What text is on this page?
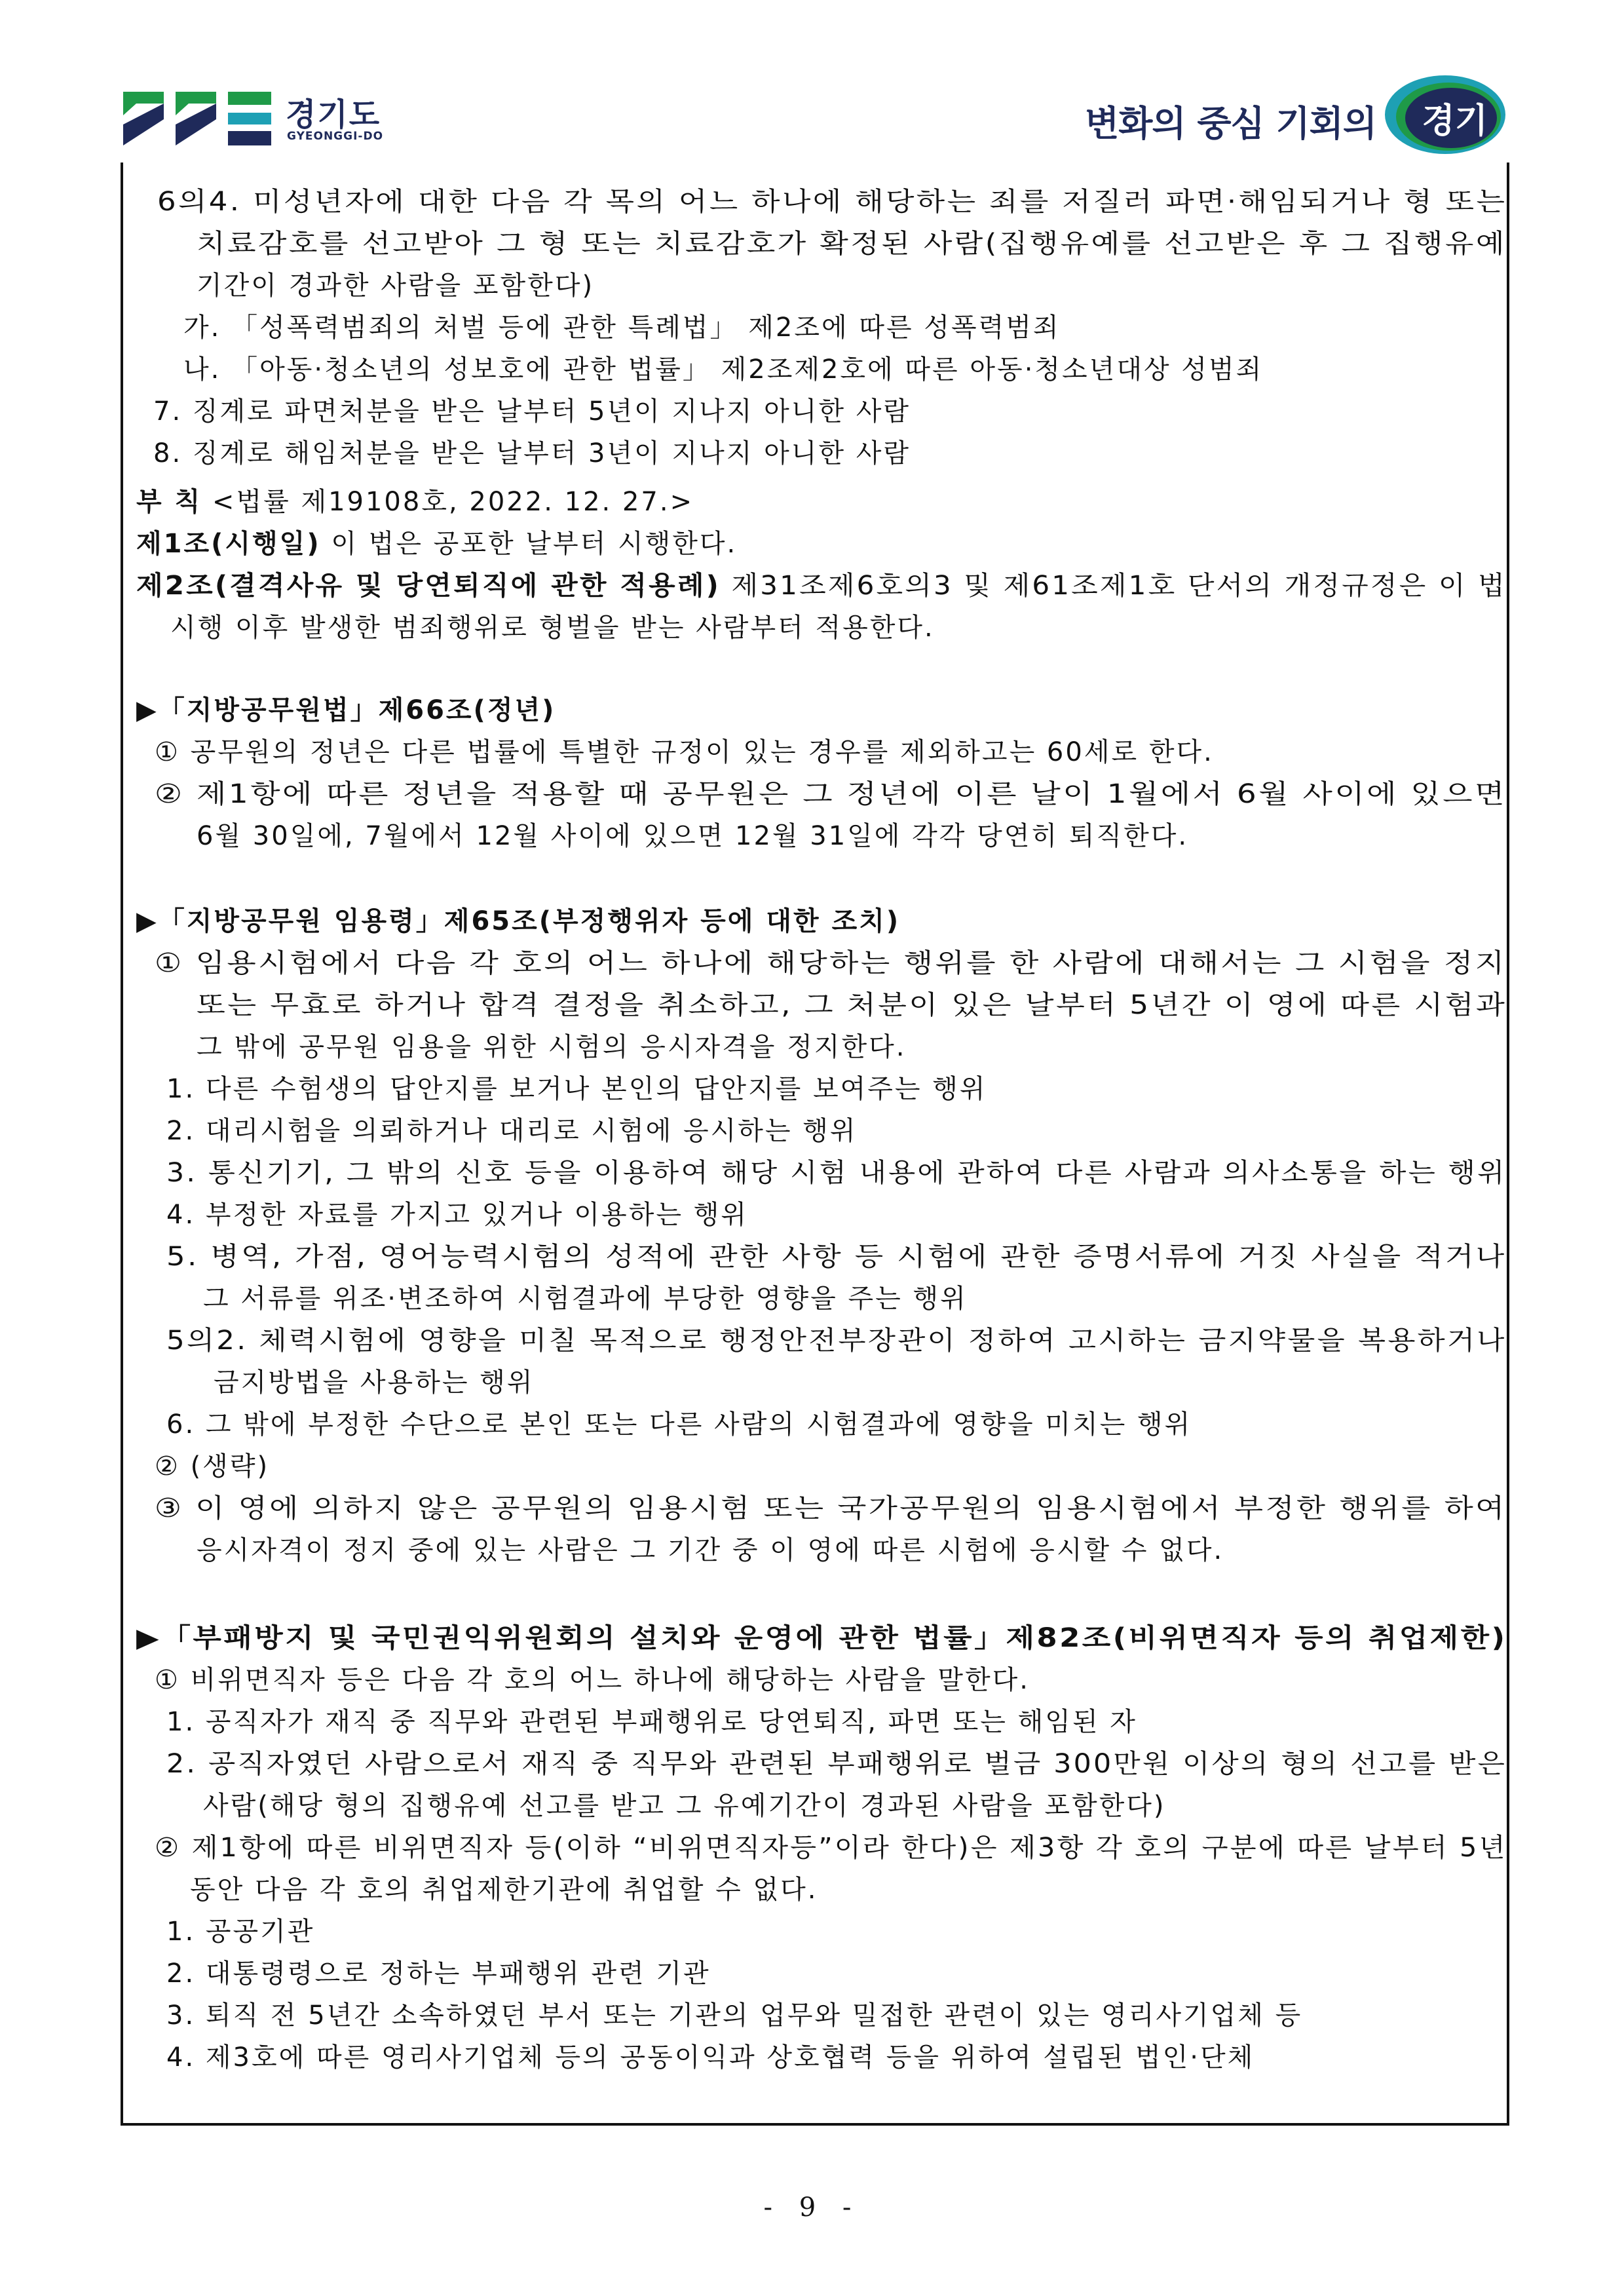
경기도
GYEONGGI-DO	변화의 중심 기회의 경기
6의4. 미성년자에 대한 다음 각 목의 어느 하나에 해당하는 죄를 저질러 파면·해임되거나 형 또는
치료감호를 선고받아 그 형 또는 치료감호가 확정된 사람(집행유예를 선고받은 후 그 집행유예
기간이 경과한 사람을 포함한다)
가. 「성폭력범죄의 처벌 등에 관한 특례법」 제2조에 따른 성폭력범죄
나. 「아동·청소년의 성보호에 관한 법률」 제2조제2호에 따른 아동·청소년대상 성범죄
7. 징계로 파면처분을 받은 날부터 5년이 지나지 아니한 사람
8. 징계로 해임처분을 받은 날부터 3년이 지나지 아니한 사람
부 칙 <법률 제19108호, 2022. 12. 27.>
제1조(시행일) 이 법은 공포한 날부터 시행한다.
제2조(결격사유 및 당연퇴직에 관한 적용례) 제31조제6호의3 및 제61조제1호 단서의 개정규정은 이 법
시행 이후 발생한 범죄행위로 형벌을 받는 사람부터 적용한다.
▶「지방공무원법」제66조(정년)
① 공무원의 정년은 다른 법률에 특별한 규정이 있는 경우를 제외하고는 60세로 한다.
② 제1항에 따른 정년을 적용할 때 공무원은 그 정년에 이른 날이 1월에서 6월 사이에 있으면
6월 30일에, 7월에서 12월 사이에 있으면 12월 31일에 각각 당연히 퇴직한다.
▶「지방공무원 임용령」제65조(부정행위자 등에 대한 조치)
① 임용시험에서 다음 각 호의 어느 하나에 해당하는 행위를 한 사람에 대해서는 그 시험을 정지
또는 무효로 하거나 합격 결정을 취소하고, 그 처분이 있은 날부터 5년간 이 영에 따른 시험과
그 밖에 공무원 임용을 위한 시험의 응시자격을 정지한다.
1. 다른 수험생의 답안지를 보거나 본인의 답안지를 보여주는 행위
2. 대리시험을 의뢰하거나 대리로 시험에 응시하는 행위
3. 통신기기, 그 밖의 신호 등을 이용하여 해당 시험 내용에 관하여 다른 사람과 의사소통을 하는 행위
4. 부정한 자료를 가지고 있거나 이용하는 행위
5. 병역, 가점, 영어능력시험의 성적에 관한 사항 등 시험에 관한 증명서류에 거짓 사실을 적거나
그 서류를 위조·변조하여 시험결과에 부당한 영향을 주는 행위
5의2. 체력시험에 영향을 미칠 목적으로 행정안전부장관이 정하여 고시하는 금지약물을 복용하거나
금지방법을 사용하는 행위
6. 그 밖에 부정한 수단으로 본인 또는 다른 사람의 시험결과에 영향을 미치는 행위
② (생략)
③ 이 영에 의하지 않은 공무원의 임용시험 또는 국가공무원의 임용시험에서 부정한 행위를 하여
응시자격이 정지 중에 있는 사람은 그 기간 중 이 영에 따른 시험에 응시할 수 없다.
▶「부패방지 및 국민권익위원회의 설치와 운영에 관한 법률」제82조(비위면직자 등의 취업제한)
① 비위면직자 등은 다음 각 호의 어느 하나에 해당하는 사람을 말한다.
1. 공직자가 재직 중 직무와 관련된 부패행위로 당연퇴직, 파면 또는 해임된 자
2. 공직자였던 사람으로서 재직 중 직무와 관련된 부패행위로 벌금 300만원 이상의 형의 선고를 받은
사람(해당 형의 집행유예 선고를 받고 그 유예기간이 경과된 사람을 포함한다)
② 제1항에 따른 비위면직자 등(이하 “비위면직자등”이라 한다)은 제3항 각 호의 구분에 따른 날부터 5년
동안 다음 각 호의 취업제한기관에 취업할 수 없다.
1. 공공기관
2. 대통령령으로 정하는 부패행위 관련 기관
3. 퇴직 전 5년간 소속하였던 부서 또는 기관의 업무와 밀접한 관련이 있는 영리사기업체 등
4. 제3호에 따른 영리사기업체 등의 공동이익과 상호협력 등을 위하여 설립된 법인·단체
- 9 -
